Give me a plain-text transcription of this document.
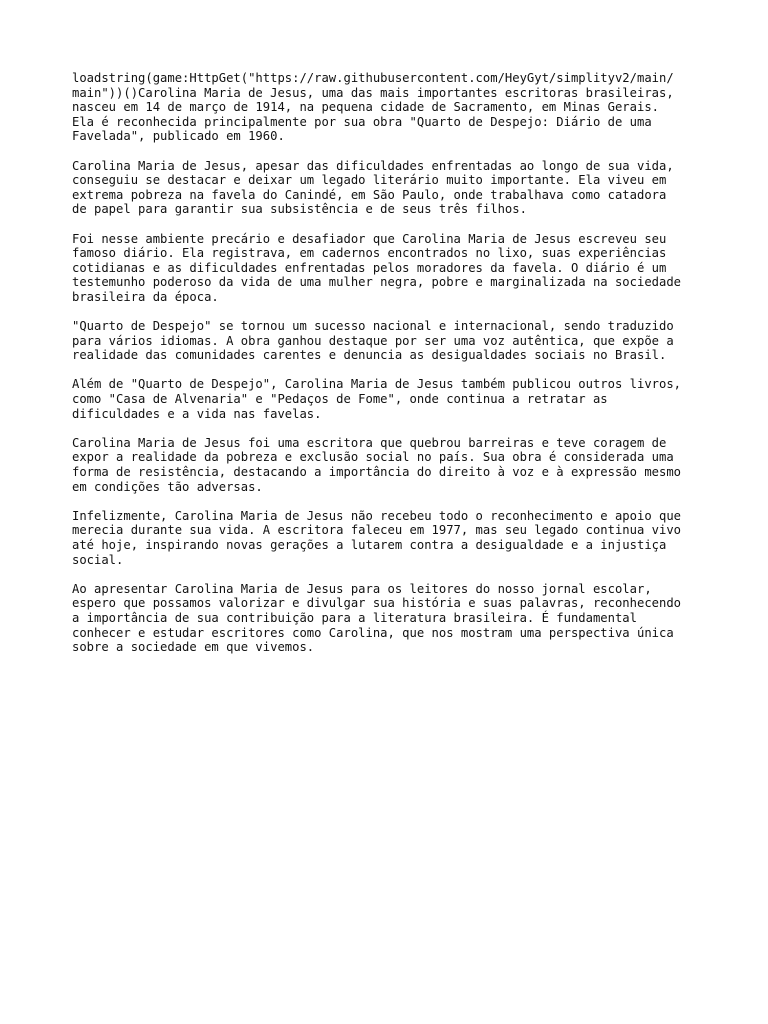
loadstring(game:HttpGet("https://raw.githubusercontent.com/HeyGyt/simplityv2/main/
main"))()Carolina Maria de Jesus, uma das mais importantes escritoras brasileiras,
nasceu em 14 de março de 1914, na pequena cidade de Sacramento, em Minas Gerais.
Ela é reconhecida principalmente por sua obra "Quarto de Despejo: Diário de uma
Favelada", publicado em 1960.

Carolina Maria de Jesus, apesar das dificuldades enfrentadas ao longo de sua vida,
conseguiu se destacar e deixar um legado literário muito importante. Ela viveu em
extrema pobreza na favela do Canindé, em São Paulo, onde trabalhava como catadora
de papel para garantir sua subsistência e de seus três filhos.

Foi nesse ambiente precário e desafiador que Carolina Maria de Jesus escreveu seu
famoso diário. Ela registrava, em cadernos encontrados no lixo, suas experiências
cotidianas e as dificuldades enfrentadas pelos moradores da favela. O diário é um
testemunho poderoso da vida de uma mulher negra, pobre e marginalizada na sociedade
brasileira da época.

"Quarto de Despejo" se tornou um sucesso nacional e internacional, sendo traduzido
para vários idiomas. A obra ganhou destaque por ser uma voz autêntica, que expõe a
realidade das comunidades carentes e denuncia as desigualdades sociais no Brasil.

Além de "Quarto de Despejo", Carolina Maria de Jesus também publicou outros livros,
como "Casa de Alvenaria" e "Pedaços de Fome", onde continua a retratar as
dificuldades e a vida nas favelas.

Carolina Maria de Jesus foi uma escritora que quebrou barreiras e teve coragem de
expor a realidade da pobreza e exclusão social no país. Sua obra é considerada uma
forma de resistência, destacando a importância do direito à voz e à expressão mesmo
em condições tão adversas.

Infelizmente, Carolina Maria de Jesus não recebeu todo o reconhecimento e apoio que
merecia durante sua vida. A escritora faleceu em 1977, mas seu legado continua vivo
até hoje, inspirando novas gerações a lutarem contra a desigualdade e a injustiça
social.

Ao apresentar Carolina Maria de Jesus para os leitores do nosso jornal escolar,
espero que possamos valorizar e divulgar sua história e suas palavras, reconhecendo
a importância de sua contribuição para a literatura brasileira. É fundamental
conhecer e estudar escritores como Carolina, que nos mostram uma perspectiva única
sobre a sociedade em que vivemos.
